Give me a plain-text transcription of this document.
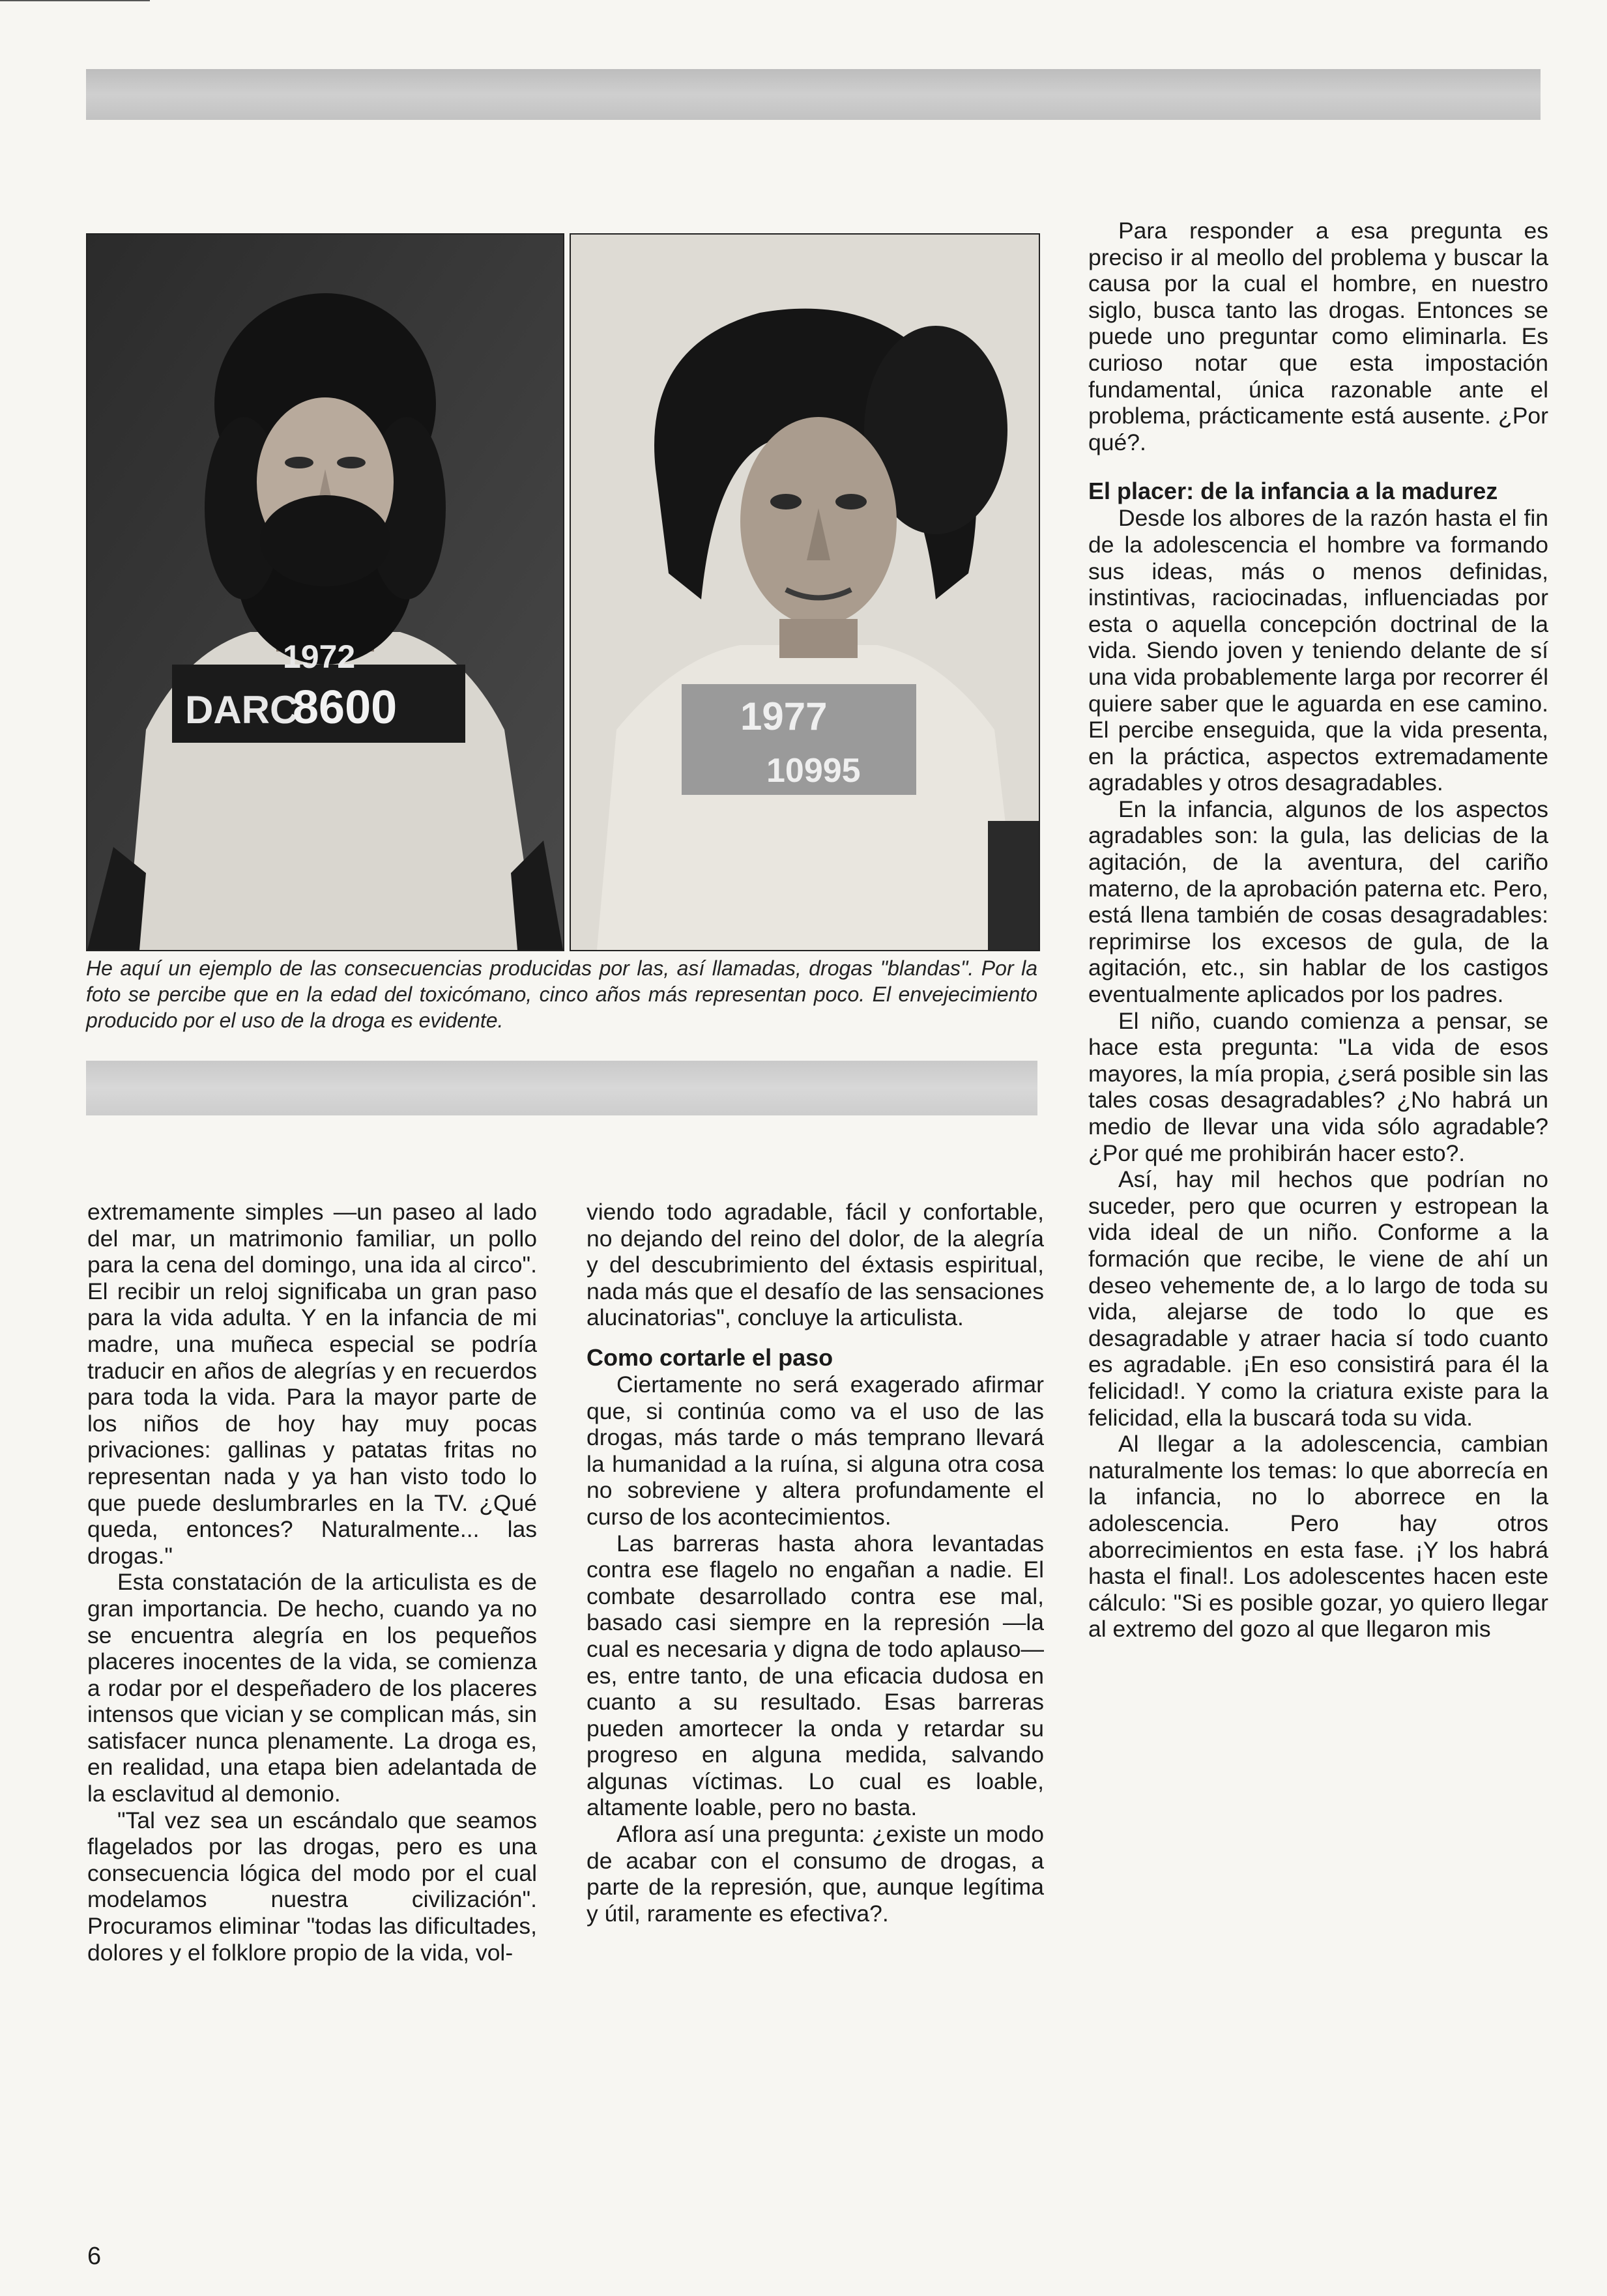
1972
DARC
8600	1977
10995
He aquí un ejemplo de las consecuencias producidas por las, así llamadas, drogas "blandas". Por la foto se percibe que en la edad del toxicómano, cinco años más representan poco. El envejecimiento producido por el uso de la droga es evidente.

extremamente simples —un paseo al lado del mar, un matrimonio familiar, un pollo para la cena del domingo, una ida al circo". El recibir un reloj significaba un gran paso para la vida adulta. Y en la infancia de mi madre, una muñeca especial se podría traducir en años de alegrías y en recuerdos para toda la vida. Para la mayor parte de los niños de hoy hay muy pocas privaciones: gallinas y patatas fritas no representan nada y ya han visto todo lo que puede deslumbrarles en la TV. ¿Qué queda, entonces? Naturalmente... las drogas."

Esta constatación de la articulista es de gran importancia. De hecho, cuando ya no se encuentra alegría en los pequeños placeres inocentes de la vida, se comienza a rodar por el despeñadero de los placeres intensos que vician y se complican más, sin satisfacer nunca plenamente. La droga es, en realidad, una etapa bien adelantada de la esclavitud al demonio.

"Tal vez sea un escándalo que seamos flagelados por las drogas, pero es una consecuencia lógica del modo por el cual modelamos nuestra civilización". Procuramos eliminar "todas las dificultades, dolores y el folklore propio de la vida, vol-

viendo todo agradable, fácil y confortable, no dejando del reino del dolor, de la alegría y del descubrimiento del éxtasis espiritual, nada más que el desafío de las sensaciones alucinatorias", concluye la articulista.

Como cortarle el paso

Ciertamente no será exagerado afirmar que, si continúa como va el uso de las drogas, más tarde o más temprano llevará la humanidad a la ruína, si alguna otra cosa no sobreviene y altera profundamente el curso de los acontecimientos.

Las barreras hasta ahora levantadas contra ese flagelo no engañan a nadie. El combate desarrollado contra ese mal, basado casi siempre en la represión —la cual es necesaria y digna de todo aplauso— es, entre tanto, de una eficacia dudosa en cuanto a su resultado. Esas barreras pueden amortecer la onda y retardar su progreso en alguna medida, salvando algunas víctimas. Lo cual es loable, altamente loable, pero no basta.

Aflora así una pregunta: ¿existe un modo de acabar con el consumo de drogas, a parte de la represión, que, aunque legítima y útil, raramente es efectiva?.

Para responder a esa pregunta es preciso ir al meollo del problema y buscar la causa por la cual el hombre, en nuestro siglo, busca tanto las drogas. Entonces se puede uno preguntar como eliminarla. Es curioso notar que esta impostación fundamental, única razonable ante el problema, prácticamente está ausente. ¿Por qué?.

El placer: de la infancia a la madurez

Desde los albores de la razón hasta el fin de la adolescencia el hombre va formando sus ideas, más o menos definidas, instintivas, raciocinadas, influenciadas por esta o aquella concepción doctrinal de la vida. Siendo joven y teniendo delante de sí una vida probablemente larga por recorrer él quiere saber que le aguarda en ese camino. El percibe enseguida, que la vida presenta, en la práctica, aspectos extremadamente agradables y otros desagradables.

En la infancia, algunos de los aspectos agradables son: la gula, las delicias de la agitación, de la aventura, del cariño materno, de la aprobación paterna etc. Pero, está llena también de cosas desagradables: reprimirse los excesos de gula, de la agitación, etc., sin hablar de los castigos eventualmente aplicados por los padres.

El niño, cuando comienza a pensar, se hace esta pregunta: "La vida de esos mayores, la mía propia, ¿será posible sin las tales cosas desagradables? ¿No habrá un medio de llevar una vida sólo agradable? ¿Por qué me prohibirán hacer esto?.

Así, hay mil hechos que podrían no suceder, pero que ocurren y estropean la vida ideal de un niño. Conforme a la formación que recibe, le viene de ahí un deseo vehemente de, a lo largo de toda su vida, alejarse de todo lo que es desagradable y atraer hacia sí todo cuanto es agradable. ¡En eso consistirá para él la felicidad!. Y como la criatura existe para la felicidad, ella la buscará toda su vida.

Al llegar a la adolescencia, cambian naturalmente los temas: lo que aborrecía en la infancia, no lo aborrece en la adolescencia. Pero hay otros aborrecimientos en esta fase. ¡Y los habrá hasta el final!. Los adolescentes hacen este cálculo: "Si es posible gozar, yo quiero llegar al extremo del gozo al que llegaron mis

6
